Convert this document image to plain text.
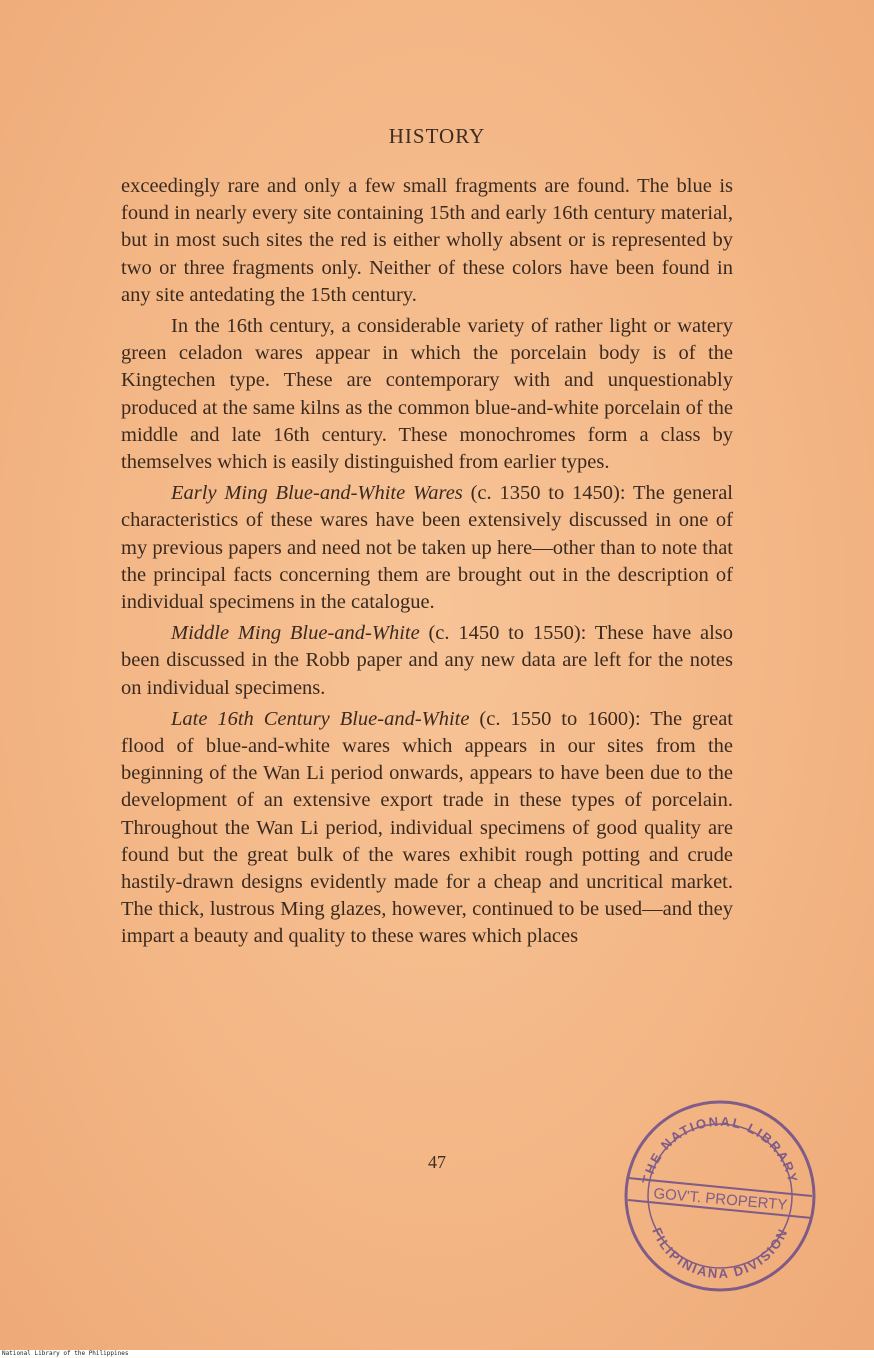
HISTORY

exceedingly rare and only a few small fragments are found. The blue is found in nearly every site containing 15th and early 16th century material, but in most such sites the red is either wholly absent or is represented by two or three fragments only. Neither of these colors have been found in any site antedating the 15th century.

In the 16th century, a considerable variety of rather light or watery green celadon wares appear in which the porcelain body is of the Kingtechen type. These are contemporary with and unquestionably produced at the same kilns as the common blue-and-white porcelain of the middle and late 16th century. These monochromes form a class by themselves which is easily distinguished from earlier types.

Early Ming Blue-and-White Wares (c. 1350 to 1450): The general characteristics of these wares have been extensively discussed in one of my previous papers and need not be taken up here—other than to note that the principal facts concerning them are brought out in the description of individual specimens in the catalogue.

Middle Ming Blue-and-White (c. 1450 to 1550): These have also been discussed in the Robb paper and any new data are left for the notes on individual specimens.

Late 16th Century Blue-and-White (c. 1550 to 1600): The great flood of blue-and-white wares which appears in our sites from the beginning of the Wan Li period onwards, appears to have been due to the development of an extensive export trade in these types of porcelain. Throughout the Wan Li period, individual specimens of good quality are found but the great bulk of the wares exhibit rough potting and crude hastily-drawn designs evidently made for a cheap and uncritical market. The thick, lustrous Ming glazes, however, continued to be used—and they impart a beauty and quality to these wares which places

47
THE NATIONAL LIBRARY
GOV'T. PROPERTY
FILIPINIANA DIVISION
National Library of the Philippines
